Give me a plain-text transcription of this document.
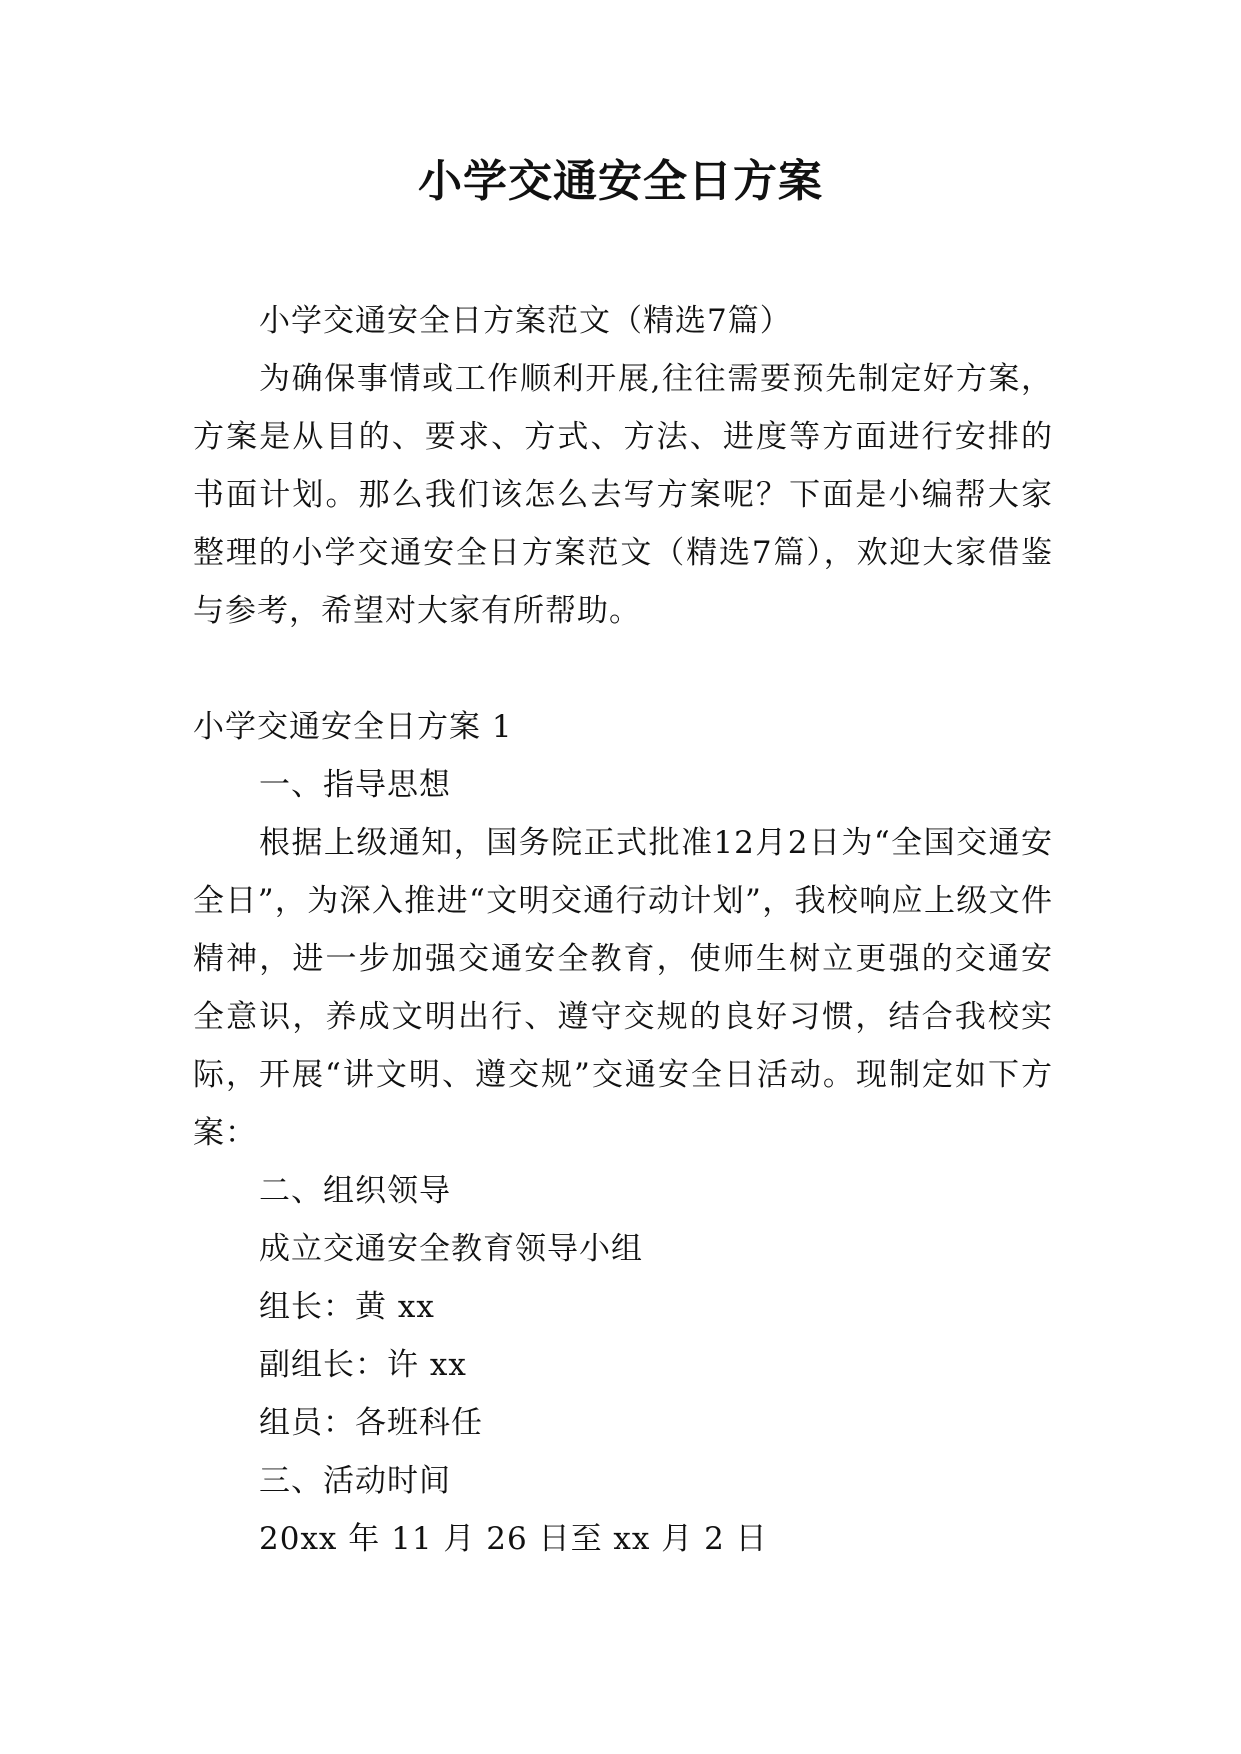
小学交通安全日方案

小学交通安全日方案范文（精选7篇）

为确保事情或工作顺利开展,往往需要预先制定好方案，方案是从目的、要求、方式、方法、进度等方面进行安排的书面计划。那么我们该怎么去写方案呢？下面是小编帮大家整理的小学交通安全日方案范文（精选7篇），欢迎大家借鉴与参考，希望对大家有所帮助。

小学交通安全日方案 1

一、指导思想

根据上级通知，国务院正式批准12月2日为“全国交通安全日”，为深入推进“文明交通行动计划”，我校响应上级文件精神，进一步加强交通安全教育，使师生树立更强的交通安全意识，养成文明出行、遵守交规的良好习惯，结合我校实际，开展“讲文明、遵交规”交通安全日活动。现制定如下方案：

二、组织领导

成立交通安全教育领导小组

组长：黄 xx

副组长：许 xx

组员：各班科任

三、活动时间

20xx 年 11 月 26 日至 xx 月 2 日
